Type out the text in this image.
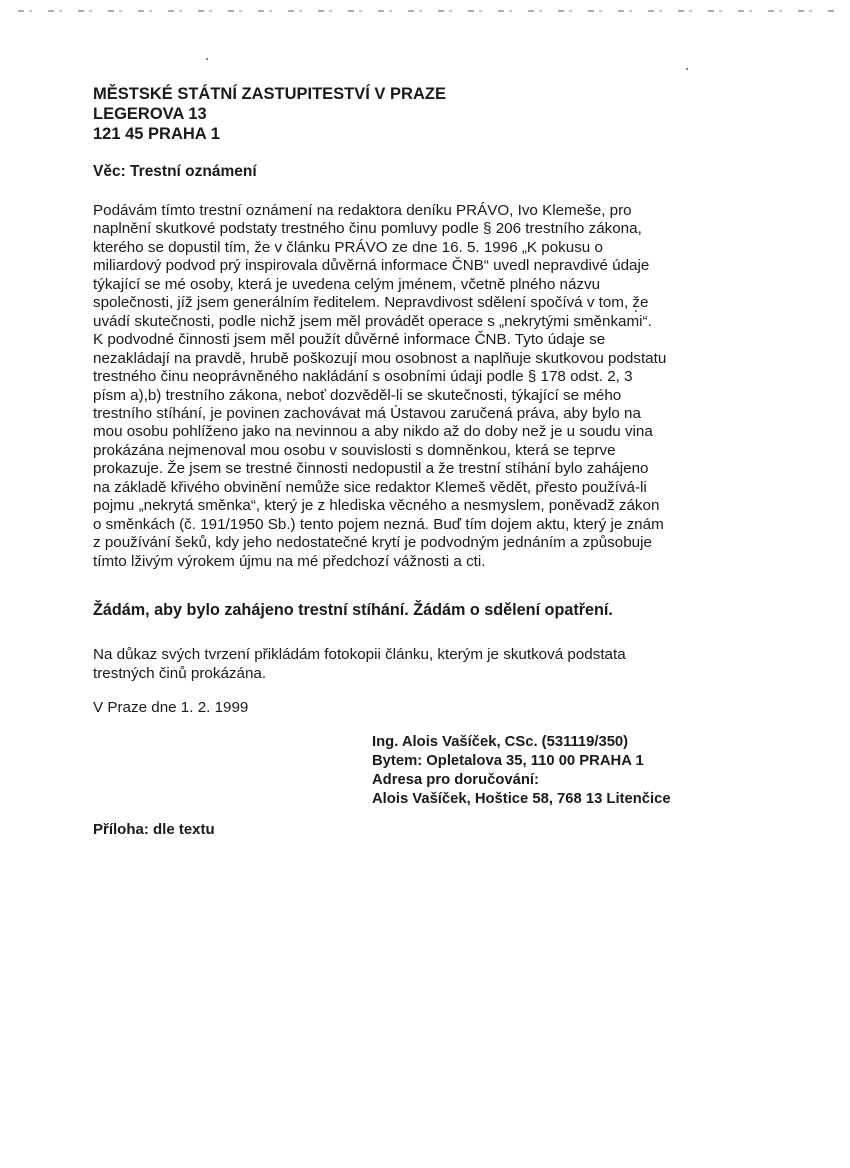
MĚSTSKÉ STÁTNÍ ZASTUPITESTVÍ V PRAZE
LEGEROVA 13
121 45 PRAHA 1
Věc: Trestní oznámení
Podávám tímto trestní oznámení na redaktora deníku PRÁVO, Ivo Klemeše, pro
naplnění skutkové podstaty trestného činu pomluvy podle § 206 trestního zákona,
kterého se dopustil tím, že v článku PRÁVO ze dne 16. 5. 1996 „K pokusu o
miliardový podvod prý inspirovala důvěrná informace ČNB“ uvedl nepravdivé údaje
týkající se mé osoby, která je uvedena celým jménem, včetně plného názvu
společnosti, jíž jsem generálním ředitelem. Nepravdivost sdělení spočívá v tom, že
uvádí skutečnosti, podle nichž jsem měl provádět operace s „nekrytými směnkami“.
K podvodné činnosti jsem měl použít důvěrné informace ČNB. Tyto údaje se
nezakládají na pravdě, hrubě poškozují mou osobnost a naplňuje skutkovou podstatu
trestného činu neoprávněného nakládání s osobními údaji podle § 178 odst. 2, 3
písm a),b) trestního zákona, neboť dozvěděl-li se skutečnosti, týkající se mého
trestního stíhání, je povinen zachovávat má Ústavou zaručená práva, aby bylo na
mou osobu pohlíženo jako na nevinnou a aby nikdo až do doby než je u soudu vina
prokázána nejmenoval mou osobu v souvislosti s domněnkou, která se teprve
prokazuje. Že jsem se trestné činnosti nedopustil a že trestní stíhání bylo zahájeno
na základě křivého obvinění nemůže sice redaktor Klemeš vědět, přesto používá-li
pojmu „nekrytá směnka“, který je z hlediska věcného a nesmyslem, poněvadž zákon
o směnkách (č. 191/1950 Sb.) tento pojem nezná. Buď tím dojem aktu, který je znám
z používání šeků, kdy jeho nedostatečné krytí je podvodným jednáním a způsobuje
tímto lživým výrokem újmu na mé předchozí vážnosti a cti.
Žádám, aby bylo zahájeno trestní stíhání. Žádám o sdělení opatření.
Na důkaz svých tvrzení přikládám fotokopii článku, kterým je skutková podstata
trestných činů prokázána.
V Praze dne 1. 2. 1999
Ing. Alois Vašíček, CSc. (531119/350)
Bytem: Opletalova 35, 110 00 PRAHA 1
Adresa pro doručování:
Alois Vašíček, Hoštice 58, 768 13 Litenčice
Příloha: dle textu
